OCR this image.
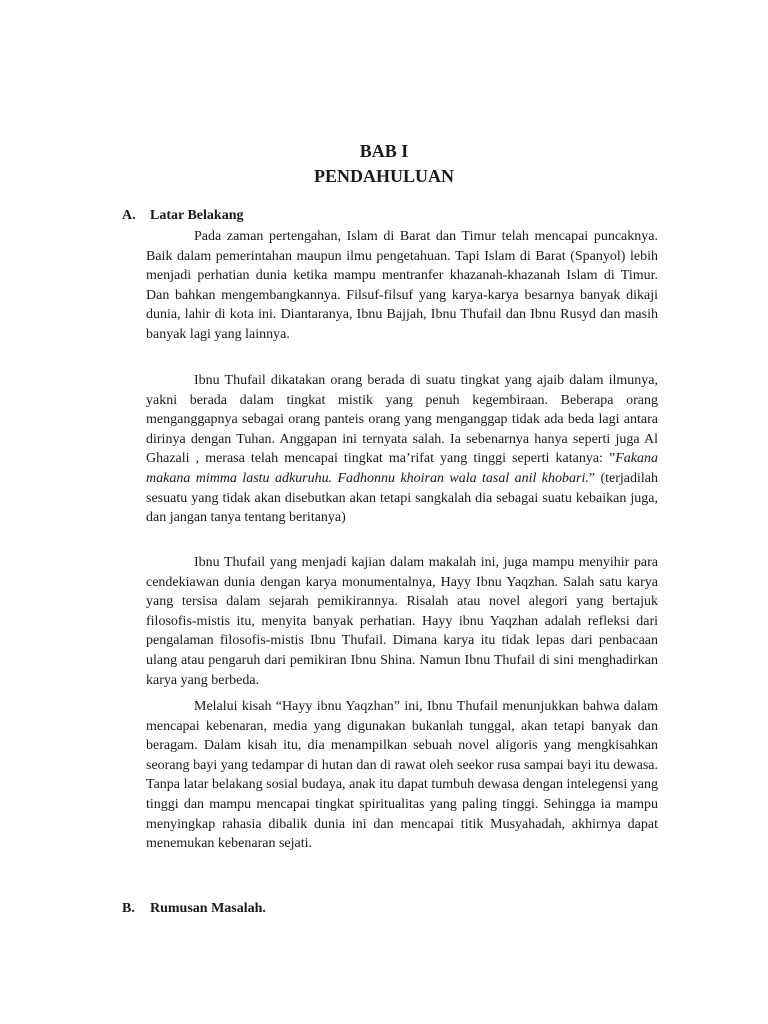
BAB I
PENDAHULUAN
A. Latar Belakang

Pada zaman pertengahan, Islam di Barat dan Timur telah mencapai puncaknya. Baik dalam pemerintahan maupun ilmu pengetahuan. Tapi Islam di Barat (Spanyol) lebih menjadi perhatian dunia ketika mampu mentranfer khazanah-khazanah Islam di Timur. Dan bahkan mengembangkannya. Filsuf-filsuf yang karya-karya besarnya banyak dikaji dunia, lahir di kota ini. Diantaranya, Ibnu Bajjah, Ibnu Thufail dan Ibnu Rusyd dan masih banyak lagi yang lainnya.

Ibnu Thufail dikatakan orang berada di suatu tingkat yang ajaib dalam ilmunya, yakni berada dalam tingkat mistik yang penuh kegembiraan. Beberapa orang menganggapnya sebagai orang panteis orang yang menganggap tidak ada beda lagi antara dirinya dengan Tuhan. Anggapan ini ternyata salah. Ia sebenarnya hanya seperti juga Al Ghazali , merasa telah mencapai tingkat ma’rifat yang tinggi seperti katanya: ”Fakana makana mimma lastu adkuruhu. Fadhonnu khoiran wala tasal anil khobari.” (terjadilah sesuatu yang tidak akan disebutkan akan tetapi sangkalah dia sebagai suatu kebaikan juga, dan jangan tanya tentang beritanya)

Ibnu Thufail yang menjadi kajian dalam makalah ini, juga mampu menyihir para cendekiawan dunia dengan karya monumentalnya, Hayy Ibnu Yaqzhan. Salah satu karya yang tersisa dalam sejarah pemikirannya. Risalah atau novel alegori yang bertajuk filosofis-mistis itu, menyita banyak perhatian. Hayy ibnu Yaqzhan adalah refleksi dari pengalaman filosofis-mistis Ibnu Thufail. Dimana karya itu tidak lepas dari penbacaan ulang atau pengaruh dari pemikiran Ibnu Shina. Namun Ibnu Thufail di sini menghadirkan karya yang berbeda.

Melalui kisah “Hayy ibnu Yaqzhan” ini, Ibnu Thufail menunjukkan bahwa dalam mencapai kebenaran, media yang digunakan bukanlah tunggal, akan tetapi banyak dan beragam. Dalam kisah itu, dia menampilkan sebuah novel aligoris yang mengkisahkan seorang bayi yang tedampar di hutan dan di rawat oleh seekor rusa sampai bayi itu dewasa. Tanpa latar belakang sosial budaya, anak itu dapat tumbuh dewasa dengan intelegensi yang tinggi dan mampu mencapai tingkat spiritualitas yang paling tinggi. Sehingga ia mampu menyingkap rahasia dibalik dunia ini dan mencapai titik Musyahadah, akhirnya dapat menemukan kebenaran sejati.

B. Rumusan Masalah.
